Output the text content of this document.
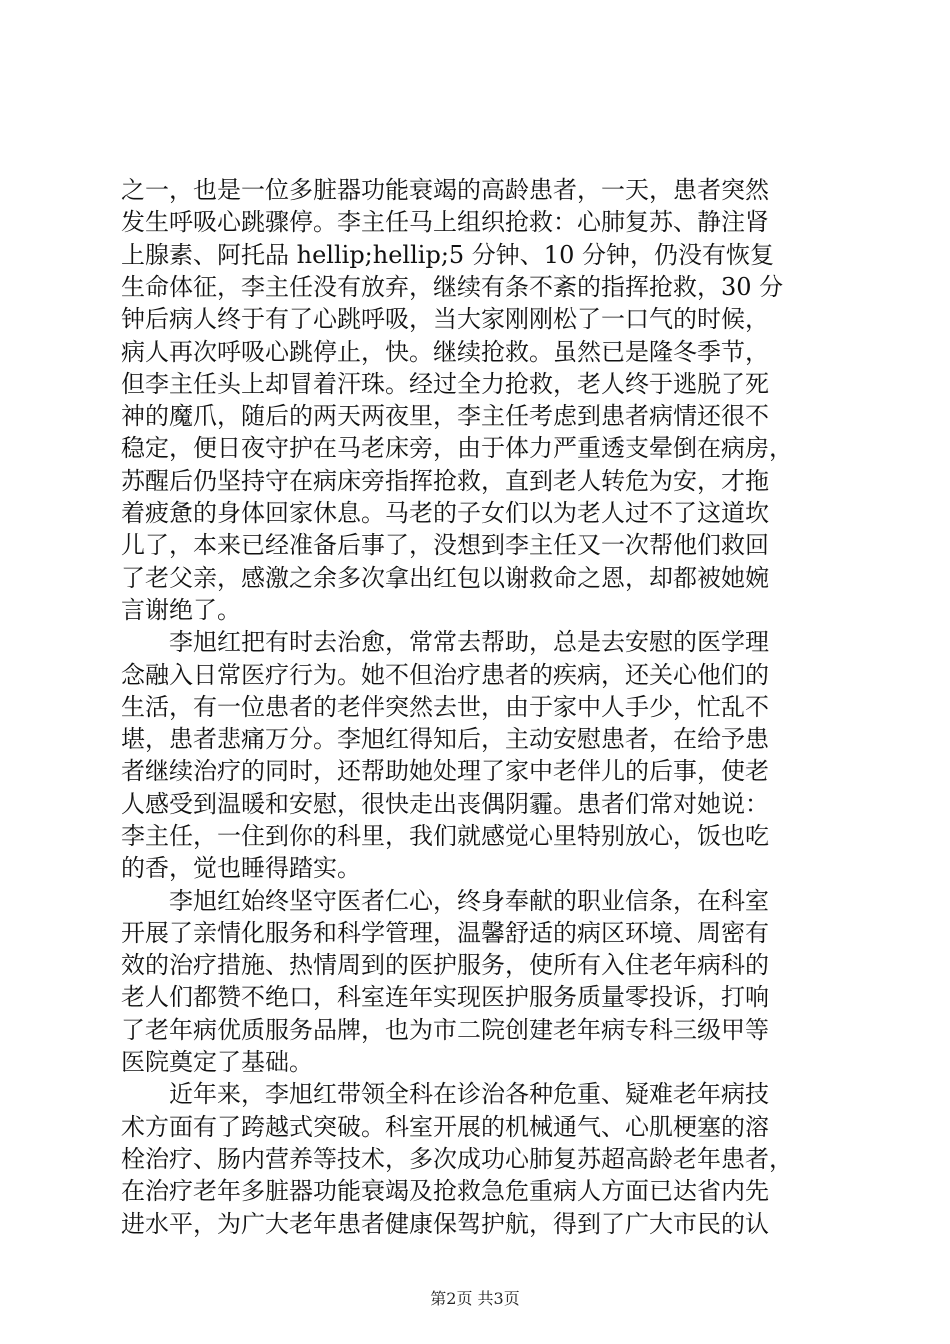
之一，也是一位多脏器功能衰竭的高龄患者，一天，患者突然
发生呼吸心跳骤停。李主任马上组织抢救：心肺复苏、静注肾
上腺素、阿托品 hellip;hellip;5 分钟、10 分钟，仍没有恢复
生命体征，李主任没有放弃，继续有条不紊的指挥抢救，30 分
钟后病人终于有了心跳呼吸，当大家刚刚松了一口气的时候，
病人再次呼吸心跳停止，快。继续抢救。虽然已是隆冬季节，
但李主任头上却冒着汗珠。经过全力抢救，老人终于逃脱了死
神的魔爪，随后的两天两夜里，李主任考虑到患者病情还很不
稳定，便日夜守护在马老床旁，由于体力严重透支晕倒在病房，
苏醒后仍坚持守在病床旁指挥抢救，直到老人转危为安，才拖
着疲惫的身体回家休息。马老的子女们以为老人过不了这道坎
儿了，本来已经准备后事了，没想到李主任又一次帮他们救回
了老父亲，感激之余多次拿出红包以谢救命之恩，却都被她婉
言谢绝了。
　　李旭红把有时去治愈，常常去帮助，总是去安慰的医学理
念融入日常医疗行为。她不但治疗患者的疾病，还关心他们的
生活，有一位患者的老伴突然去世，由于家中人手少，忙乱不
堪，患者悲痛万分。李旭红得知后，主动安慰患者，在给予患
者继续治疗的同时，还帮助她处理了家中老伴儿的后事，使老
人感受到温暖和安慰，很快走出丧偶阴霾。患者们常对她说：
李主任，一住到你的科里，我们就感觉心里特别放心，饭也吃
的香，觉也睡得踏实。
　　李旭红始终坚守医者仁心，终身奉献的职业信条，在科室
开展了亲情化服务和科学管理，温馨舒适的病区环境、周密有
效的治疗措施、热情周到的医护服务，使所有入住老年病科的
老人们都赞不绝口，科室连年实现医护服务质量零投诉，打响
了老年病优质服务品牌，也为市二院创建老年病专科三级甲等
医院奠定了基础。
　　近年来，李旭红带领全科在诊治各种危重、疑难老年病技
术方面有了跨越式突破。科室开展的机械通气、心肌梗塞的溶
栓治疗、肠内营养等技术，多次成功心肺复苏超高龄老年患者，
在治疗老年多脏器功能衰竭及抢救急危重病人方面已达省内先
进水平，为广大老年患者健康保驾护航，得到了广大市民的认
第2页 共3页
